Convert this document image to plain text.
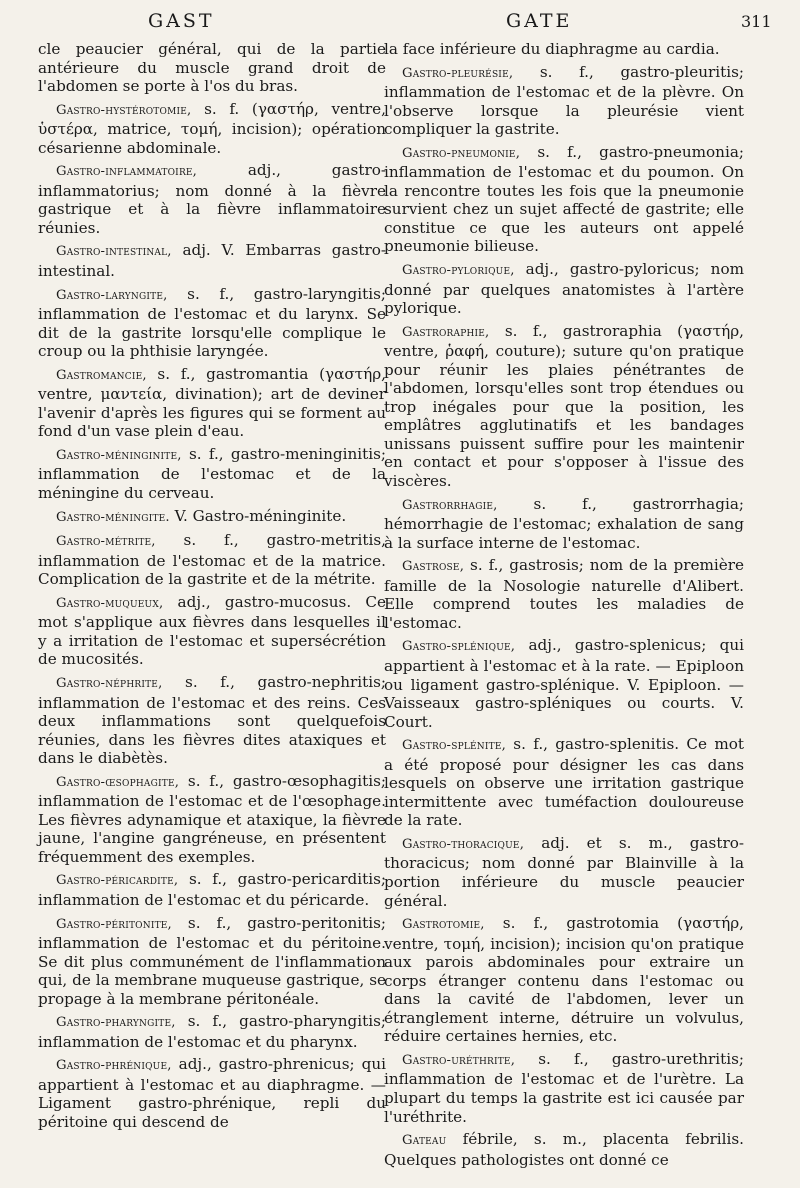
GAST	GATE	311

cle peaucier général, qui de la partie antérieure du muscle grand droit de l'abdomen se porte à l'os du bras.

Gastro-hystérotomie, s. f. (γαστήρ, ventre, ὑστέρα, matrice, τομή, incision); opération césarienne abdominale.

Gastro-inflammatoire, adj., gastro-inflammatorius; nom donné à la fièvre gastrique et à la fièvre inflammatoire réunies.

Gastro-intestinal, adj. V. Embarras gastro-intestinal.

Gastro-laryngite, s. f., gastro-laryngitis; inflammation de l'estomac et du larynx. Se dit de la gastrite lorsqu'elle complique le croup ou la phthisie laryngée.

Gastromancie, s. f., gastromantia (γαστήρ, ventre, μαντεία, divination); art de deviner l'avenir d'après les figures qui se forment au fond d'un vase plein d'eau.

Gastro-méninginite, s. f., gastro-meninginitis; inflammation de l'estomac et de la méningine du cerveau.

Gastro-méningite. V. Gastro-méninginite.

Gastro-métrite, s. f., gastro-metritis, inflammation de l'estomac et de la matrice. Complication de la gastrite et de la métrite.

Gastro-muqueux, adj., gastro-mucosus. Ce mot s'applique aux fièvres dans lesquelles il y a irritation de l'estomac et supersécrétion de mucosités.

Gastro-néphrite, s. f., gastro-nephritis; inflammation de l'estomac et des reins. Ces deux inflammations sont quelquefois réunies, dans les fièvres dites ataxiques et dans le diabètès.

Gastro-œsophagite, s. f., gastro-œsophagitis; inflammation de l'estomac et de l'œsophage. Les fièvres adynamique et ataxique, la fièvre jaune, l'angine gangréneuse, en présentent fréquemment des exemples.

Gastro-péricardite, s. f., gastro-pericarditis; inflammation de l'estomac et du péricarde.

Gastro-péritonite, s. f., gastro-peritonitis; inflammation de l'estomac et du péritoine. Se dit plus communément de l'inflammation qui, de la membrane muqueuse gastrique, se propage à la membrane péritonéale.

Gastro-pharyngite, s. f., gastro-pharyngitis; inflammation de l'estomac et du pharynx.

Gastro-phrénique, adj., gastro-phrenicus; qui appartient à l'estomac et au diaphragme. — Ligament gastro-phrénique, repli du péritoine qui descend de

la face inférieure du diaphragme au cardia.

Gastro-pleurésie, s. f., gastro-pleuritis; inflammation de l'estomac et de la plèvre. On l'observe lorsque la pleurésie vient compliquer la gastrite.

Gastro-pneumonie, s. f., gastro-pneumonia; inflammation de l'estomac et du poumon. On la rencontre toutes les fois que la pneumonie survient chez un sujet affecté de gastrite; elle constitue ce que les auteurs ont appelé pneumonie bilieuse.

Gastro-pylorique, adj., gastro-pyloricus; nom donné par quelques anatomistes à l'artère pylorique.

Gastroraphie, s. f., gastroraphia (γαστήρ, ventre, ῥαφή, couture); suture qu'on pratique pour réunir les plaies pénétrantes de l'abdomen, lorsqu'elles sont trop étendues ou trop inégales pour que la position, les emplâtres agglutinatifs et les bandages unissans puissent suffire pour les maintenir en contact et pour s'opposer à l'issue des viscères.

Gastrorrhagie, s. f., gastrorrhagia; hémorrhagie de l'estomac; exhalation de sang à la surface interne de l'estomac.

Gastrose, s. f., gastrosis; nom de la première famille de la Nosologie naturelle d'Alibert. Elle comprend toutes les maladies de l'estomac.

Gastro-splénique, adj., gastro-splenicus; qui appartient à l'estomac et à la rate. — Epiploon ou ligament gastro-splénique. V. Epiploon. — Vaisseaux gastro-spléniques ou courts. V. Court.

Gastro-splénite, s. f., gastro-splenitis. Ce mot a été proposé pour désigner les cas dans lesquels on observe une irritation gastrique intermittente avec tuméfaction douloureuse de la rate.

Gastro-thoracique, adj. et s. m., gastro-thoracicus; nom donné par Blainville à la portion inférieure du muscle peaucier général.

Gastrotomie, s. f., gastrotomia (γαστήρ, ventre, τομή, incision); incision qu'on pratique aux parois abdominales pour extraire un corps étranger contenu dans l'estomac ou dans la cavité de l'abdomen, lever un étranglement interne, détruire un volvulus, réduire certaines hernies, etc.

Gastro-uréthrite, s. f., gastro-urethritis; inflammation de l'estomac et de l'urètre. La plupart du temps la gastrite est ici causée par l'uréthrite.

Gateau fébrile, s. m., placenta febrilis. Quelques pathologistes ont donné ce
